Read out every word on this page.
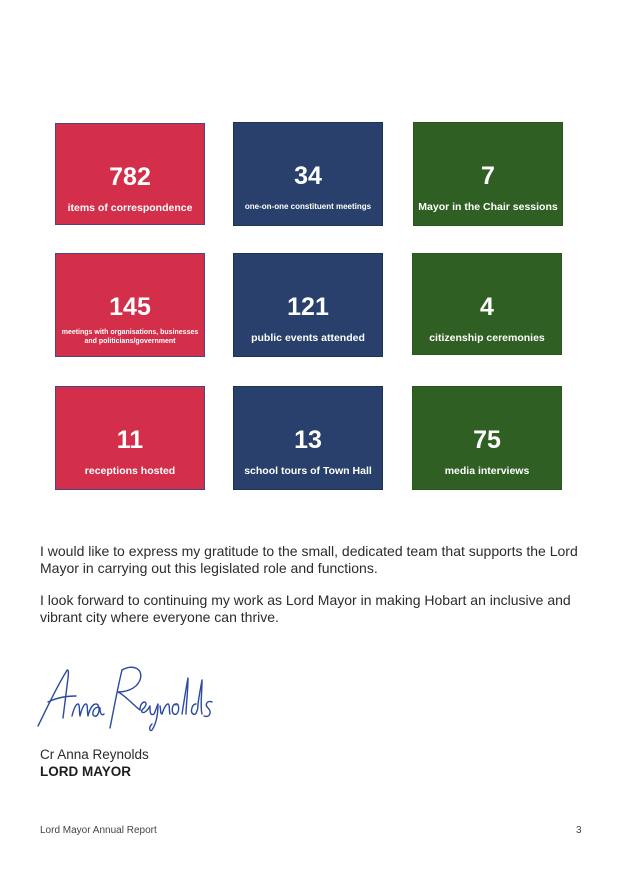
782
items of correspondence
34
one-on-one constituent meetings
7
Mayor in the Chair sessions
145
meetings with organisations, businesses and politicians/government
121
public events attended
4
citizenship ceremonies
11
receptions hosted
13
school tours of Town Hall
75
media interviews

I would like to express my gratitude to the small, dedicated team that supports the Lord Mayor in carrying out this legislated role and functions.

I look forward to continuing my work as Lord Mayor in making Hobart an inclusive and vibrant city where everyone can thrive.

Cr Anna Reynolds
LORD MAYOR
Lord Mayor Annual Report	3
